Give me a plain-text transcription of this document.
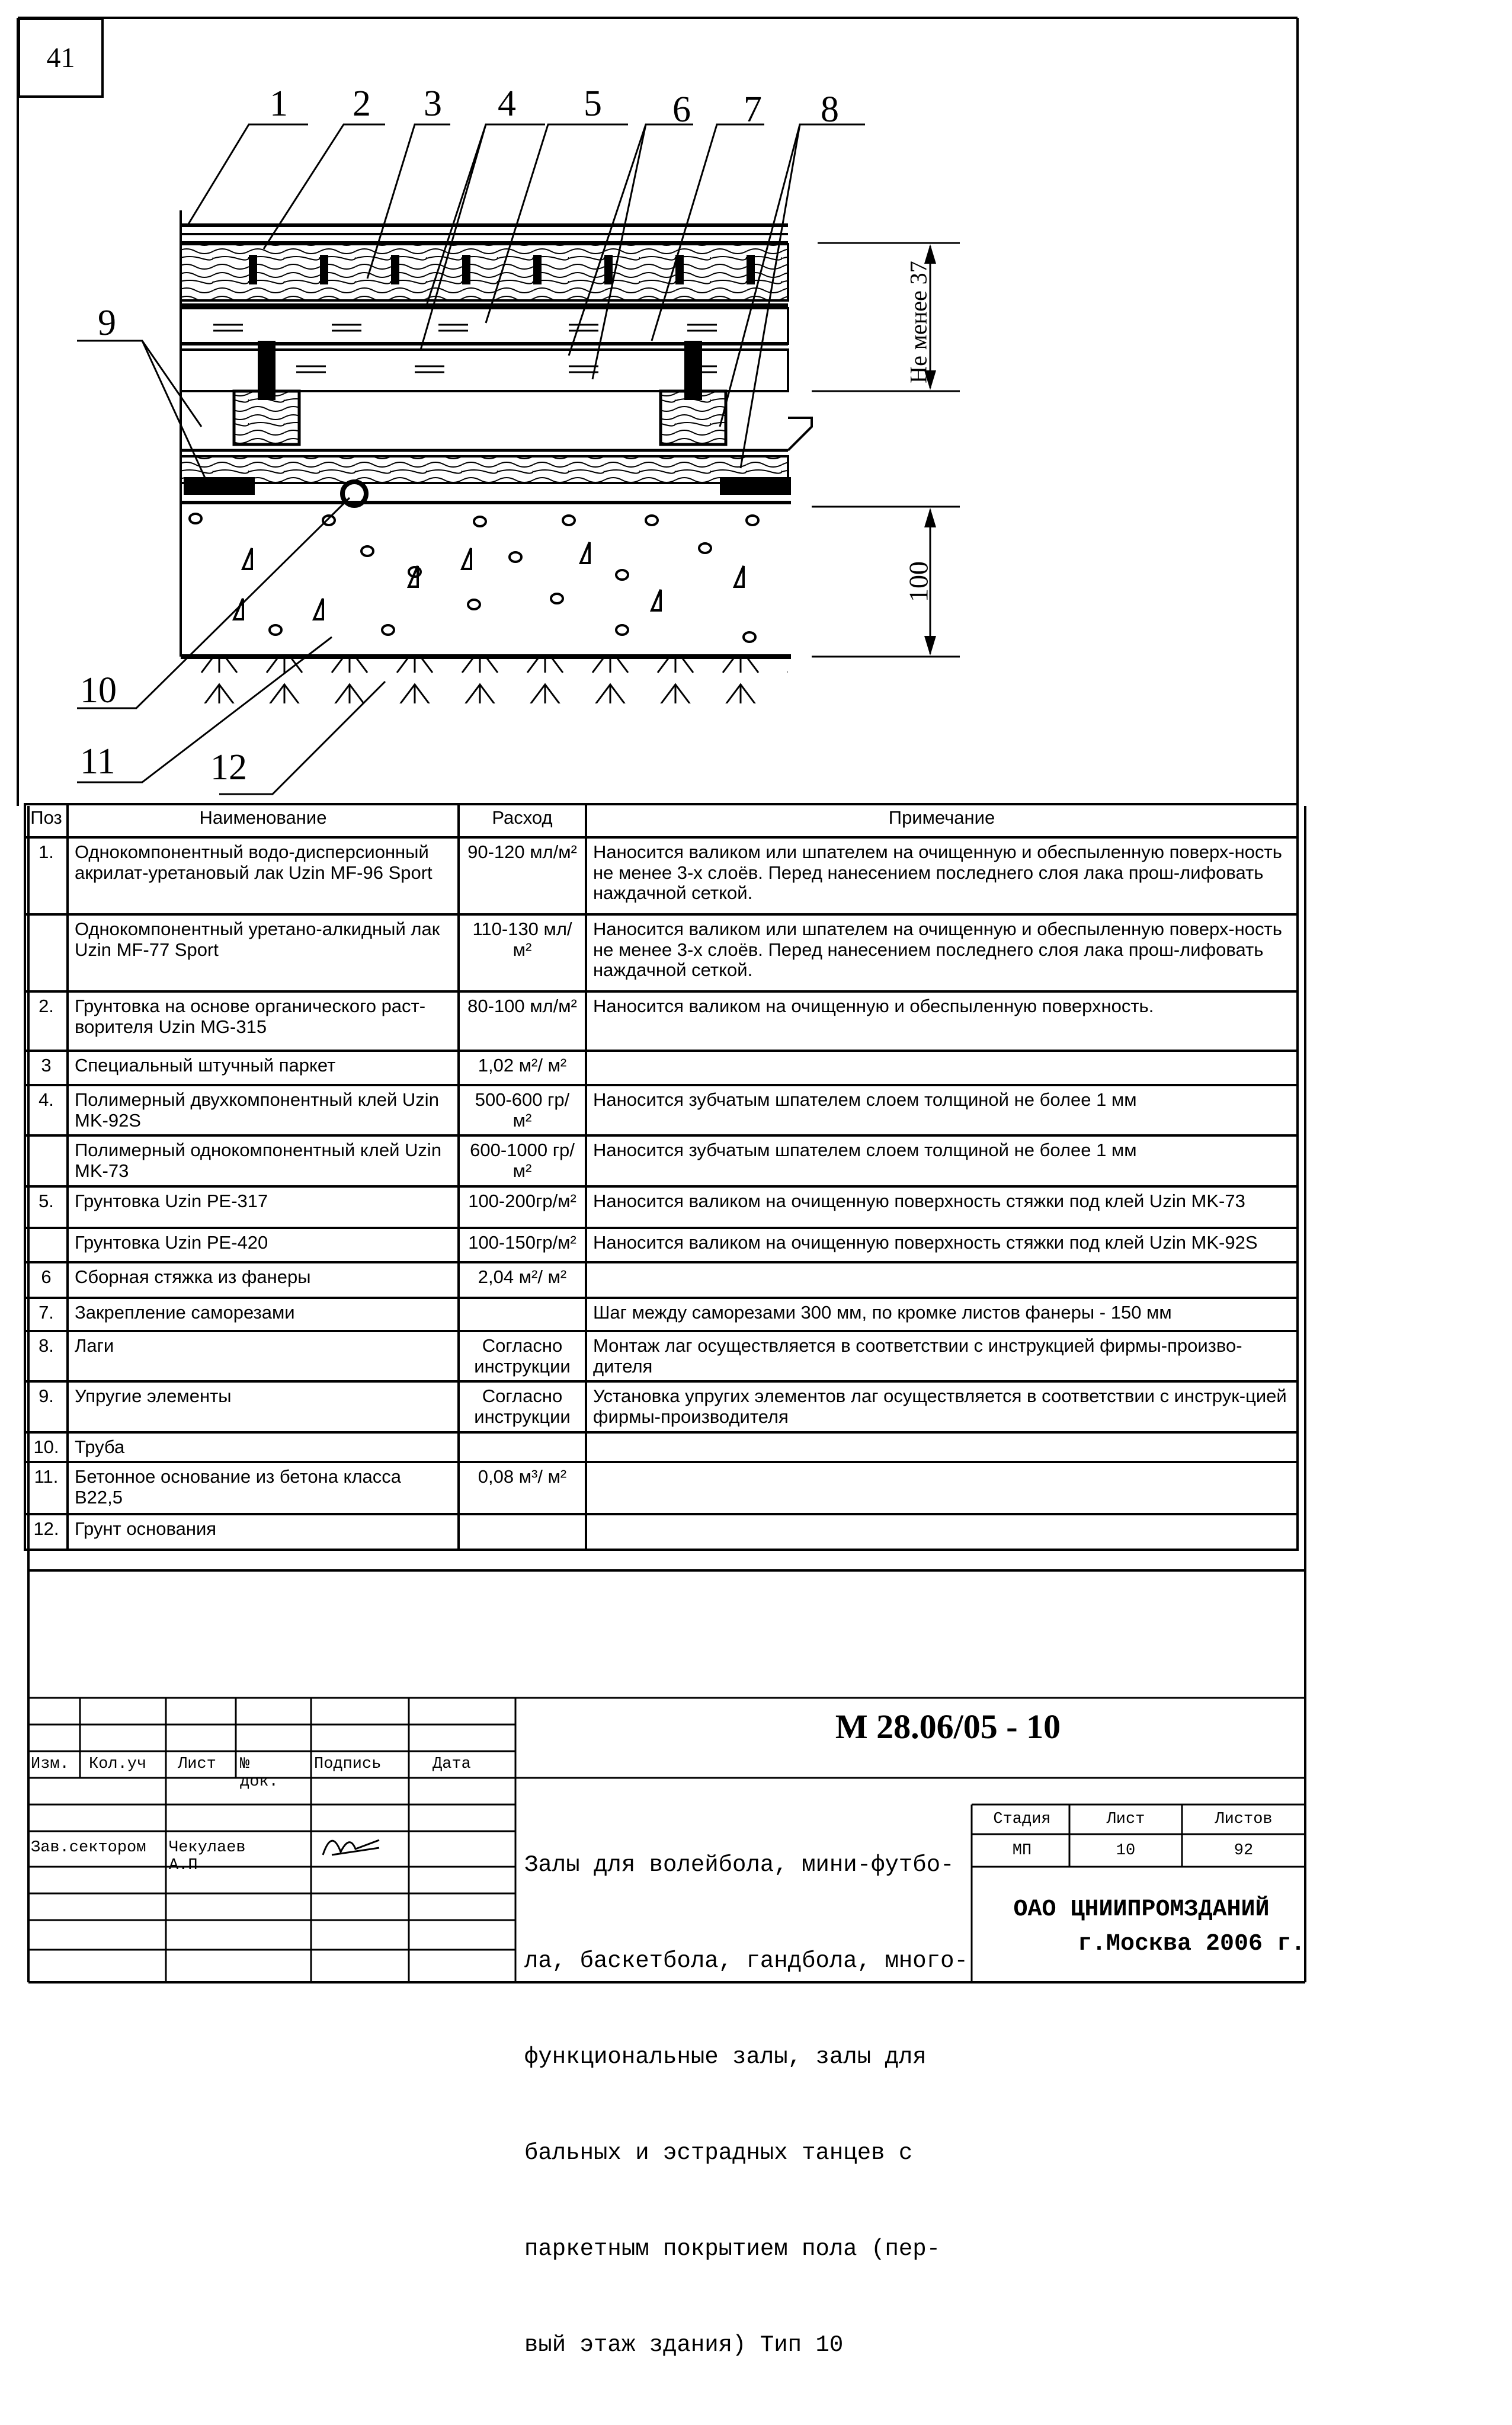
41
1 2 3 4 5 6 7 8
9
10
11	12
Не менее 37
100
Поз	Наименование	Расход	Примечание
1.	Однокомпонентный водо-дисперсионный акрилат-уретановый лак Uzin MF-96 Sport	90-120 мл/м²	Наносится валиком или шпателем на очищенную и обеспыленную поверх-ность не менее 3-х слоёв. Перед нанесением последнего слоя лака прош-лифовать наждачной сеткой.
	Однокомпонентный уретано-алкидный лак Uzin MF-77 Sport	110-130 мл/м²	Наносится валиком или шпателем на очищенную и обеспыленную поверх-ность не менее 3-х слоёв. Перед нанесением последнего слоя лака прош-лифовать наждачной сеткой.
2.	Грунтовка на основе органического раст-ворителя Uzin MG-315	80-100 мл/м²	Наносится валиком на очищенную и обеспыленную поверхность.
3	Специальный штучный паркет	1,02 м²/ м²	
4.	Полимерный двухкомпонентный клей Uzin MK-92S	500-600 гр/м²	Наносится зубчатым шпателем слоем толщиной не более 1 мм
	Полимерный однокомпонентный клей Uzin MK-73	600-1000 гр/м²	Наносится зубчатым шпателем слоем толщиной не более 1 мм
5.	Грунтовка Uzin PE-317	100-200гр/м²	Наносится валиком на очищенную поверхность стяжки под клей Uzin MK-73
	Грунтовка Uzin PE-420	100-150гр/м²	Наносится валиком на очищенную поверхность стяжки под клей Uzin MK-92S
6	Сборная стяжка из фанеры	2,04 м²/ м²	
7.	Закрепление саморезами		Шаг между саморезами 300 мм, по кромке листов фанеры - 150 мм
8.	Лаги	Согласно инструкции	Монтаж лаг осуществляется в соответствии с инструкцией фирмы-произво-дителя
9.	Упругие элементы	Согласно инструкции	Установка упругих элементов лаг осуществляется в соответствии с инструк-цией фирмы-производителя
10.	Труба		
11.	Бетонное основание из бетона класса В22,5	0,08 м³/ м²	
12.	Грунт основания		
М 28.06/05 - 10
Изм. Кол.уч Лист № док.
Подпись	Дата
Зав.сектором Чекулаев А.П

	Залы для волейбола, мини-футбо-

ла, баскетбола, гандбола, много-

функциональные залы, залы для

бальных и эстрадных танцев с

паркетным покрытием пола (пер-

вый этаж здания) Тип 10

Стадия	Лист	Листов
МП	10	92
ОАО ЦНИИПРОМЗДАНИЙ
г.Москва 2006 г.
